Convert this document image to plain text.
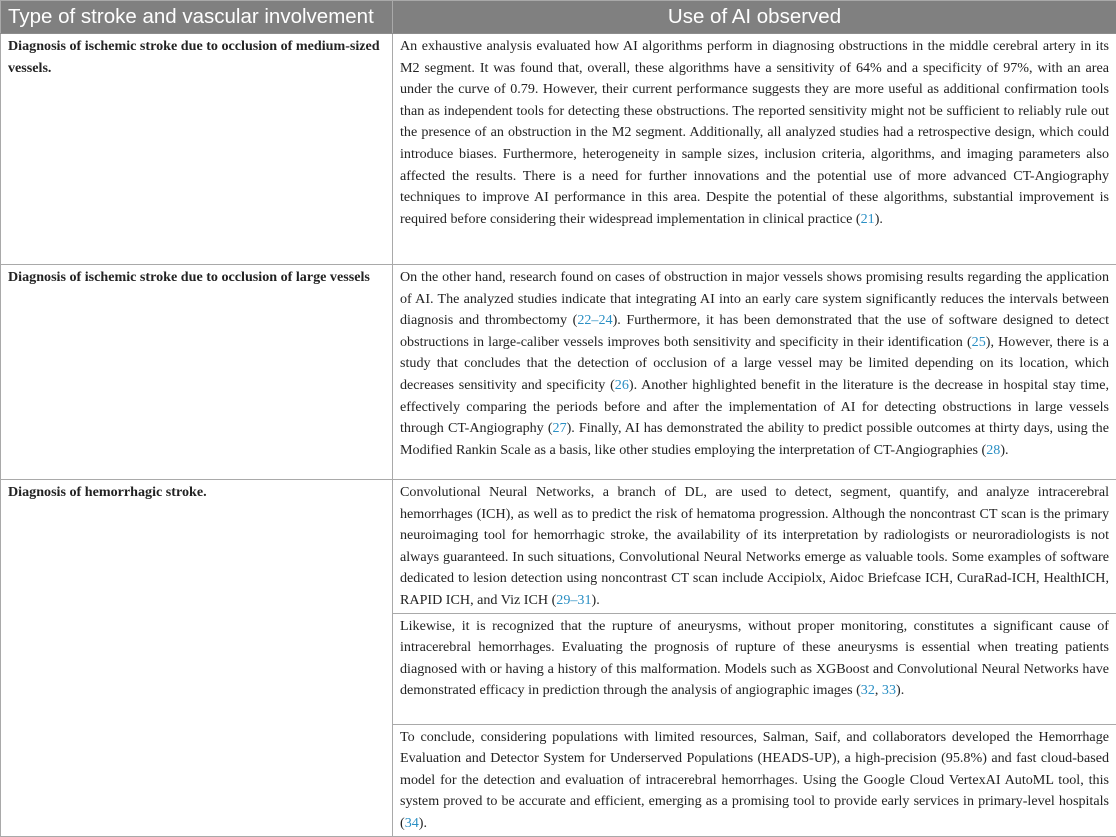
Type of stroke and vascular involvement	Use of AI observed
Diagnosis of ischemic stroke due to occlusion of medium-sized vessels.	An exhaustive analysis evaluated how AI algorithms perform in diagnosing obstructions in the middle cerebral artery in its M2 segment. It was found that, overall, these algorithms have a sensitivity of 64% and a specificity of 97%, with an area under the curve of 0.79. However, their current performance suggests they are more useful as additional confirmation tools than as independent tools for detecting these obstructions. The reported sensitivity might not be sufficient to reliably rule out the presence of an obstruction in the M2 segment. Additionally, all analyzed studies had a retrospective design, which could introduce biases. Furthermore, heterogeneity in sample sizes, inclusion criteria, algorithms, and imaging parameters also affected the results. There is a need for further innovations and the potential use of more advanced CT-Angiography techniques to improve AI performance in this area. Despite the potential of these algorithms, substantial improvement is required before considering their widespread implementation in clinical practice (21).
Diagnosis of ischemic stroke due to occlusion of large vessels	On the other hand, research found on cases of obstruction in major vessels shows promising results regarding the application of AI. The analyzed studies indicate that integrating AI into an early care system significantly reduces the intervals between diagnosis and thrombectomy (22–24). Furthermore, it has been demonstrated that the use of software designed to detect obstructions in large-caliber vessels improves both sensitivity and specificity in their identification (25), However, there is a study that concludes that the detection of occlusion of a large vessel may be limited depending on its location, which decreases sensitivity and specificity (26). Another highlighted benefit in the literature is the decrease in hospital stay time, effectively comparing the periods before and after the implementation of AI for detecting obstructions in large vessels through CT-Angiography (27). Finally, AI has demonstrated the ability to predict possible outcomes at thirty days, using the Modified Rankin Scale as a basis, like other studies employing the interpretation of CT-Angiographies (28).
Diagnosis of hemorrhagic stroke.	Convolutional Neural Networks, a branch of DL, are used to detect, segment, quantify, and analyze intracerebral hemorrhages (ICH), as well as to predict the risk of hematoma progression. Although the noncontrast CT scan is the primary neuroimaging tool for hemorrhagic stroke, the availability of its interpretation by radiologists or neuroradiologists is not always guaranteed. In such situations, Convolutional Neural Networks emerge as valuable tools. Some examples of software dedicated to lesion detection using noncontrast CT scan include Accipiolx, Aidoc Briefcase ICH, CuraRad-ICH, HealthICH, RAPID ICH, and Viz ICH (29–31).
	Likewise, it is recognized that the rupture of aneurysms, without proper monitoring, constitutes a significant cause of intracerebral hemorrhages. Evaluating the prognosis of rupture of these aneurysms is essential when treating patients diagnosed with or having a history of this malformation. Models such as XGBoost and Convolutional Neural Networks have demonstrated efficacy in prediction through the analysis of angiographic images (32, 33).
	To conclude, considering populations with limited resources, Salman, Saif, and collaborators developed the Hemorrhage Evaluation and Detector System for Underserved Populations (HEADS-UP), a high-precision (95.8%) and fast cloud-based model for the detection and evaluation of intracerebral hemorrhages. Using the Google Cloud VertexAI AutoML tool, this system proved to be accurate and efficient, emerging as a promising tool to provide early services in primary-level hospitals (34).
